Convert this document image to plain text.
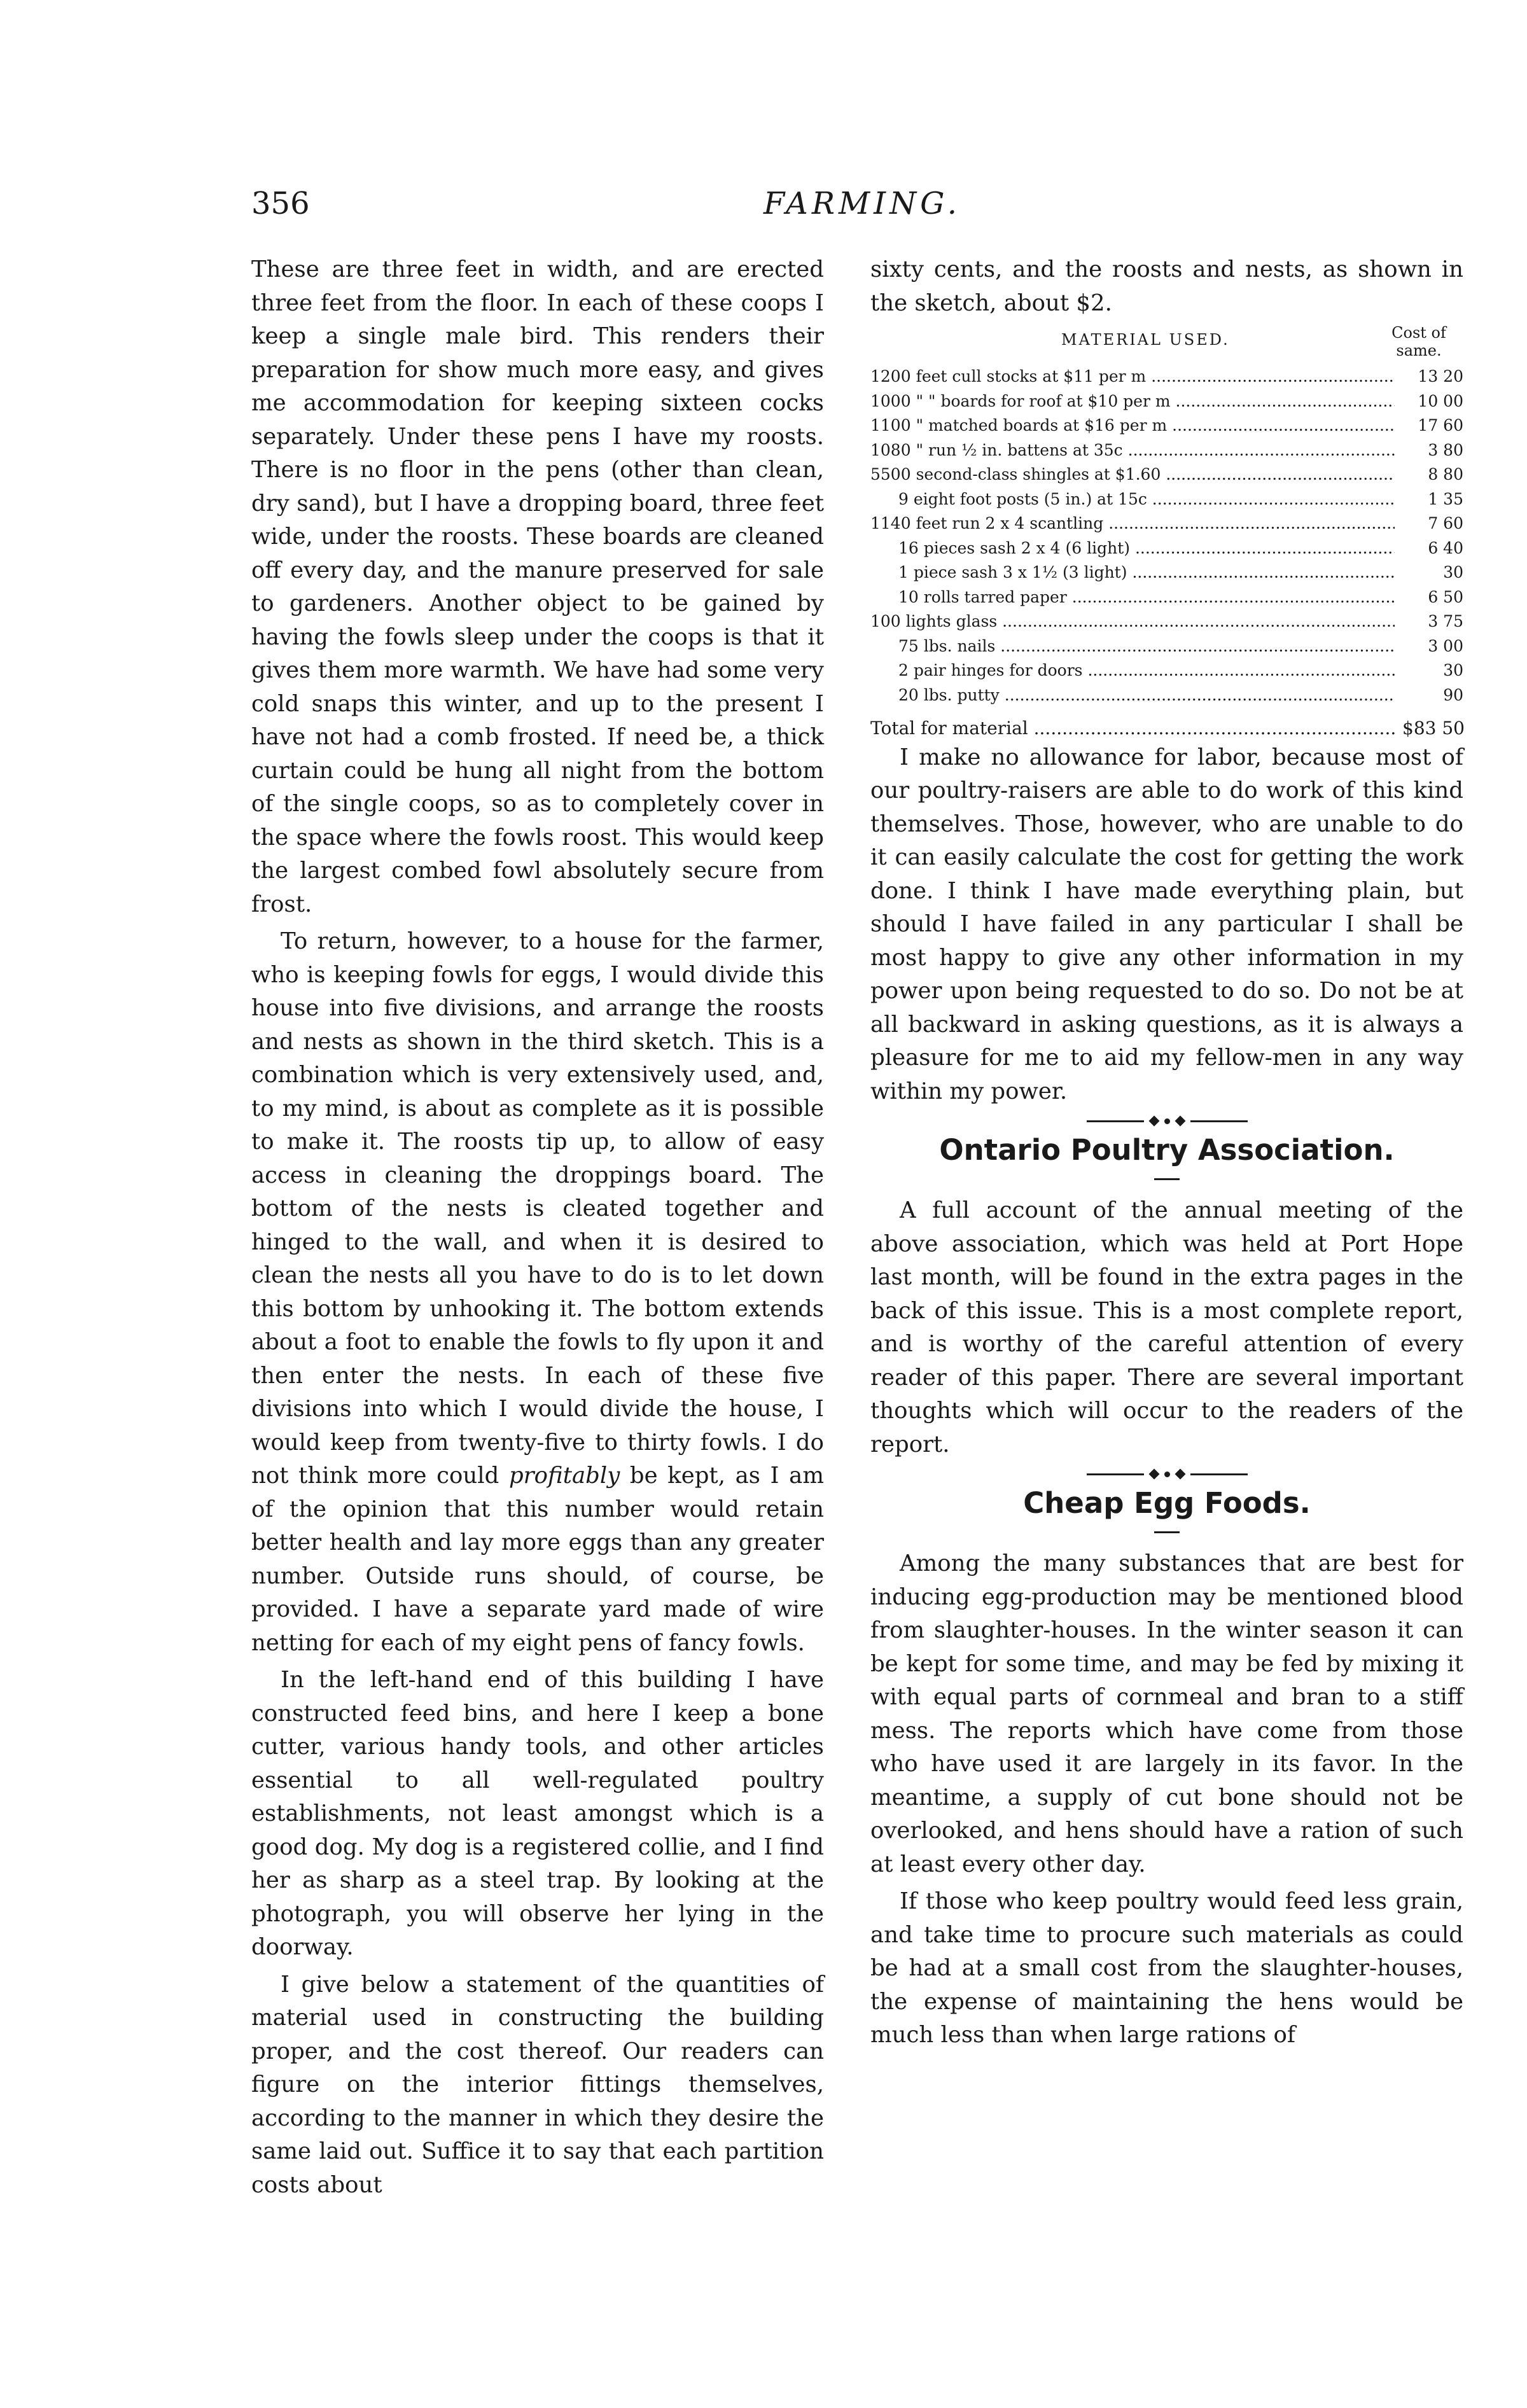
356	FARMING.

These are three feet in width, and are erected three feet from the floor. In each of these coops I keep a single male bird. This renders their preparation for show much more easy, and gives me accommodation for keeping sixteen cocks separately. Under these pens I have my roosts. There is no floor in the pens (other than clean, dry sand), but I have a dropping board, three feet wide, under the roosts. These boards are cleaned off every day, and the manure preserved for sale to gardeners. Another object to be gained by having the fowls sleep under the coops is that it gives them more warmth. We have had some very cold snaps this winter, and up to the present I have not had a comb frosted. If need be, a thick curtain could be hung all night from the bottom of the single coops, so as to completely cover in the space where the fowls roost. This would keep the largest combed fowl absolutely secure from frost.

To return, however, to a house for the farmer, who is keeping fowls for eggs, I would divide this house into five divisions, and arrange the roosts and nests as shown in the third sketch. This is a combination which is very extensively used, and, to my mind, is about as complete as it is possible to make it. The roosts tip up, to allow of easy access in cleaning the droppings board. The bottom of the nests is cleated together and hinged to the wall, and when it is desired to clean the nests all you have to do is to let down this bottom by unhooking it. The bottom extends about a foot to enable the fowls to fly upon it and then enter the nests. In each of these five divisions into which I would divide the house, I would keep from twenty-five to thirty fowls. I do not think more could profitably be kept, as I am of the opinion that this number would retain better health and lay more eggs than any greater number. Outside runs should, of course, be provided. I have a separate yard made of wire netting for each of my eight pens of fancy fowls.

In the left-hand end of this building I have constructed feed bins, and here I keep a bone cutter, various handy tools, and other articles essential to all well-regulated poultry establishments, not least amongst which is a good dog. My dog is a registered collie, and I find her as sharp as a steel trap. By looking at the photograph, you will observe her lying in the doorway.

I give below a statement of the quantities of material used in constructing the building proper, and the cost thereof. Our readers can figure on the interior fittings themselves, according to the manner in which they desire the same laid out. Suffice it to say that each partition costs about

sixty cents, and the roosts and nests, as shown in the sketch, about $2.

MATERIAL USED.	Cost of same.
1200 feet cull stocks at $11 per m .....	13 20
1000 " " boards for roof at $10 per m .....	10 00
1100 " matched boards at $16 per m .....	17 60
1080 " run ½ in. battens at 35c .....	3 80
5500 second-class shingles at $1.60 .....	8 80
9 eight foot posts (5 in.) at 15c .....	1 35
1140 feet run 2 x 4 scantling .....	7 60
16 pieces sash 2 x 4 (6 light) .....	6 40
1 piece sash 3 x 1½ (3 light) .....	30
10 rolls tarred paper .....	6 50
100 lights glass .....	3 75
75 lbs. nails .....	3 00
2 pair hinges for doors .....	30
20 lbs. putty .....	90
Total for material .....	$83 50

I make no allowance for labor, because most of our poultry-raisers are able to do work of this kind themselves. Those, however, who are unable to do it can easily calculate the cost for getting the work done. I think I have made everything plain, but should I have failed in any particular I shall be most happy to give any other information in my power upon being requested to do so. Do not be at all backward in asking questions, as it is always a pleasure for me to aid my fellow-men in any way within my power.

Ontario Poultry Association.

A full account of the annual meeting of the above association, which was held at Port Hope last month, will be found in the extra pages in the back of this issue. This is a most complete report, and is worthy of the careful attention of every reader of this paper. There are several important thoughts which will occur to the readers of the report.

Cheap Egg Foods.

Among the many substances that are best for inducing egg-production may be mentioned blood from slaughter-houses. In the winter season it can be kept for some time, and may be fed by mixing it with equal parts of cornmeal and bran to a stiff mess. The reports which have come from those who have used it are largely in its favor. In the meantime, a supply of cut bone should not be overlooked, and hens should have a ration of such at least every other day.

If those who keep poultry would feed less grain, and take time to procure such materials as could be had at a small cost from the slaughter-houses, the expense of maintaining the hens would be much less than when large rations of
